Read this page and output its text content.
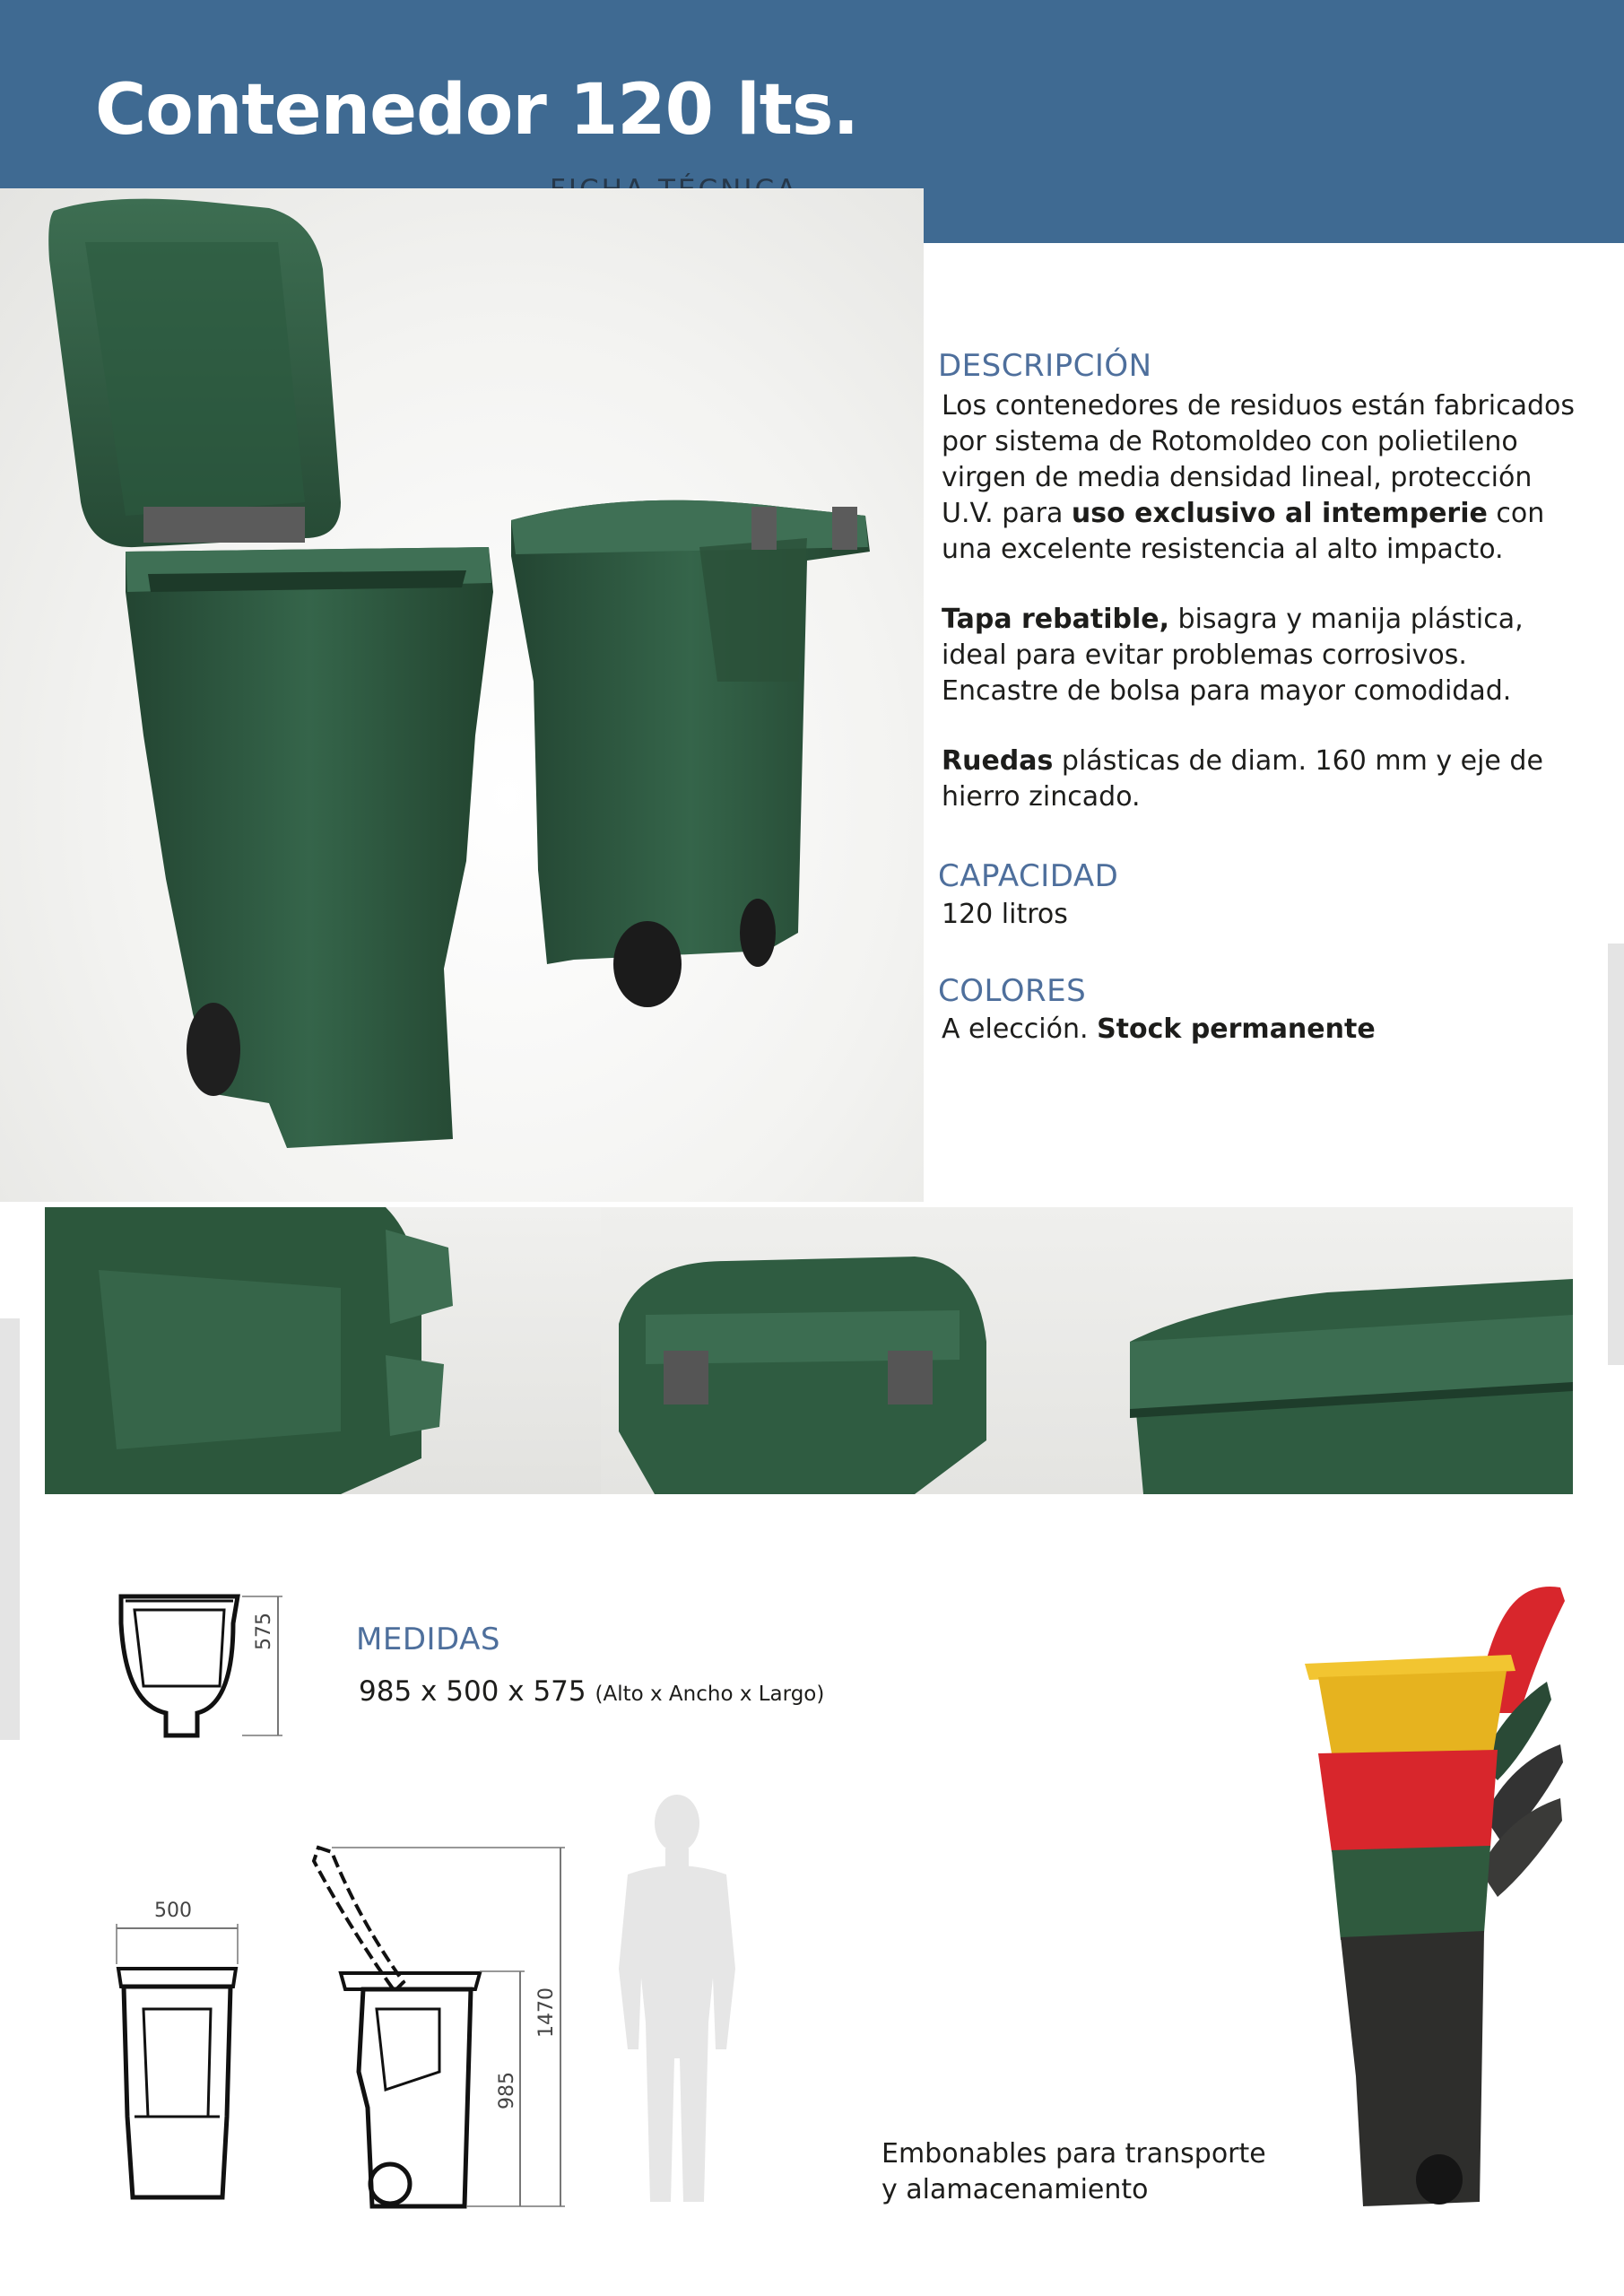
Contenedor 120 lts.
DESCRIPCIÓN

Los contenedores de residuos están fabricados por sistema de Rotomoldeo con polietileno virgen de media densidad lineal, protección U.V. para uso exclusivo al intemperie con una excelente resistencia al alto impacto.

Tapa rebatible, bisagra y manija plástica, ideal para evitar problemas corrosivos.
Encastre de bolsa para mayor comodidad.

Ruedas plásticas de diam. 160 mm y eje de hierro zincado.

CAPACIDAD
120 litros
COLORES
A elección. Stock permanente
575	MEDIDAS
985 x 500 x 575 (Alto x Ancho x Largo)
500
985
1470
Embonables para transporte y alamacenamiento
